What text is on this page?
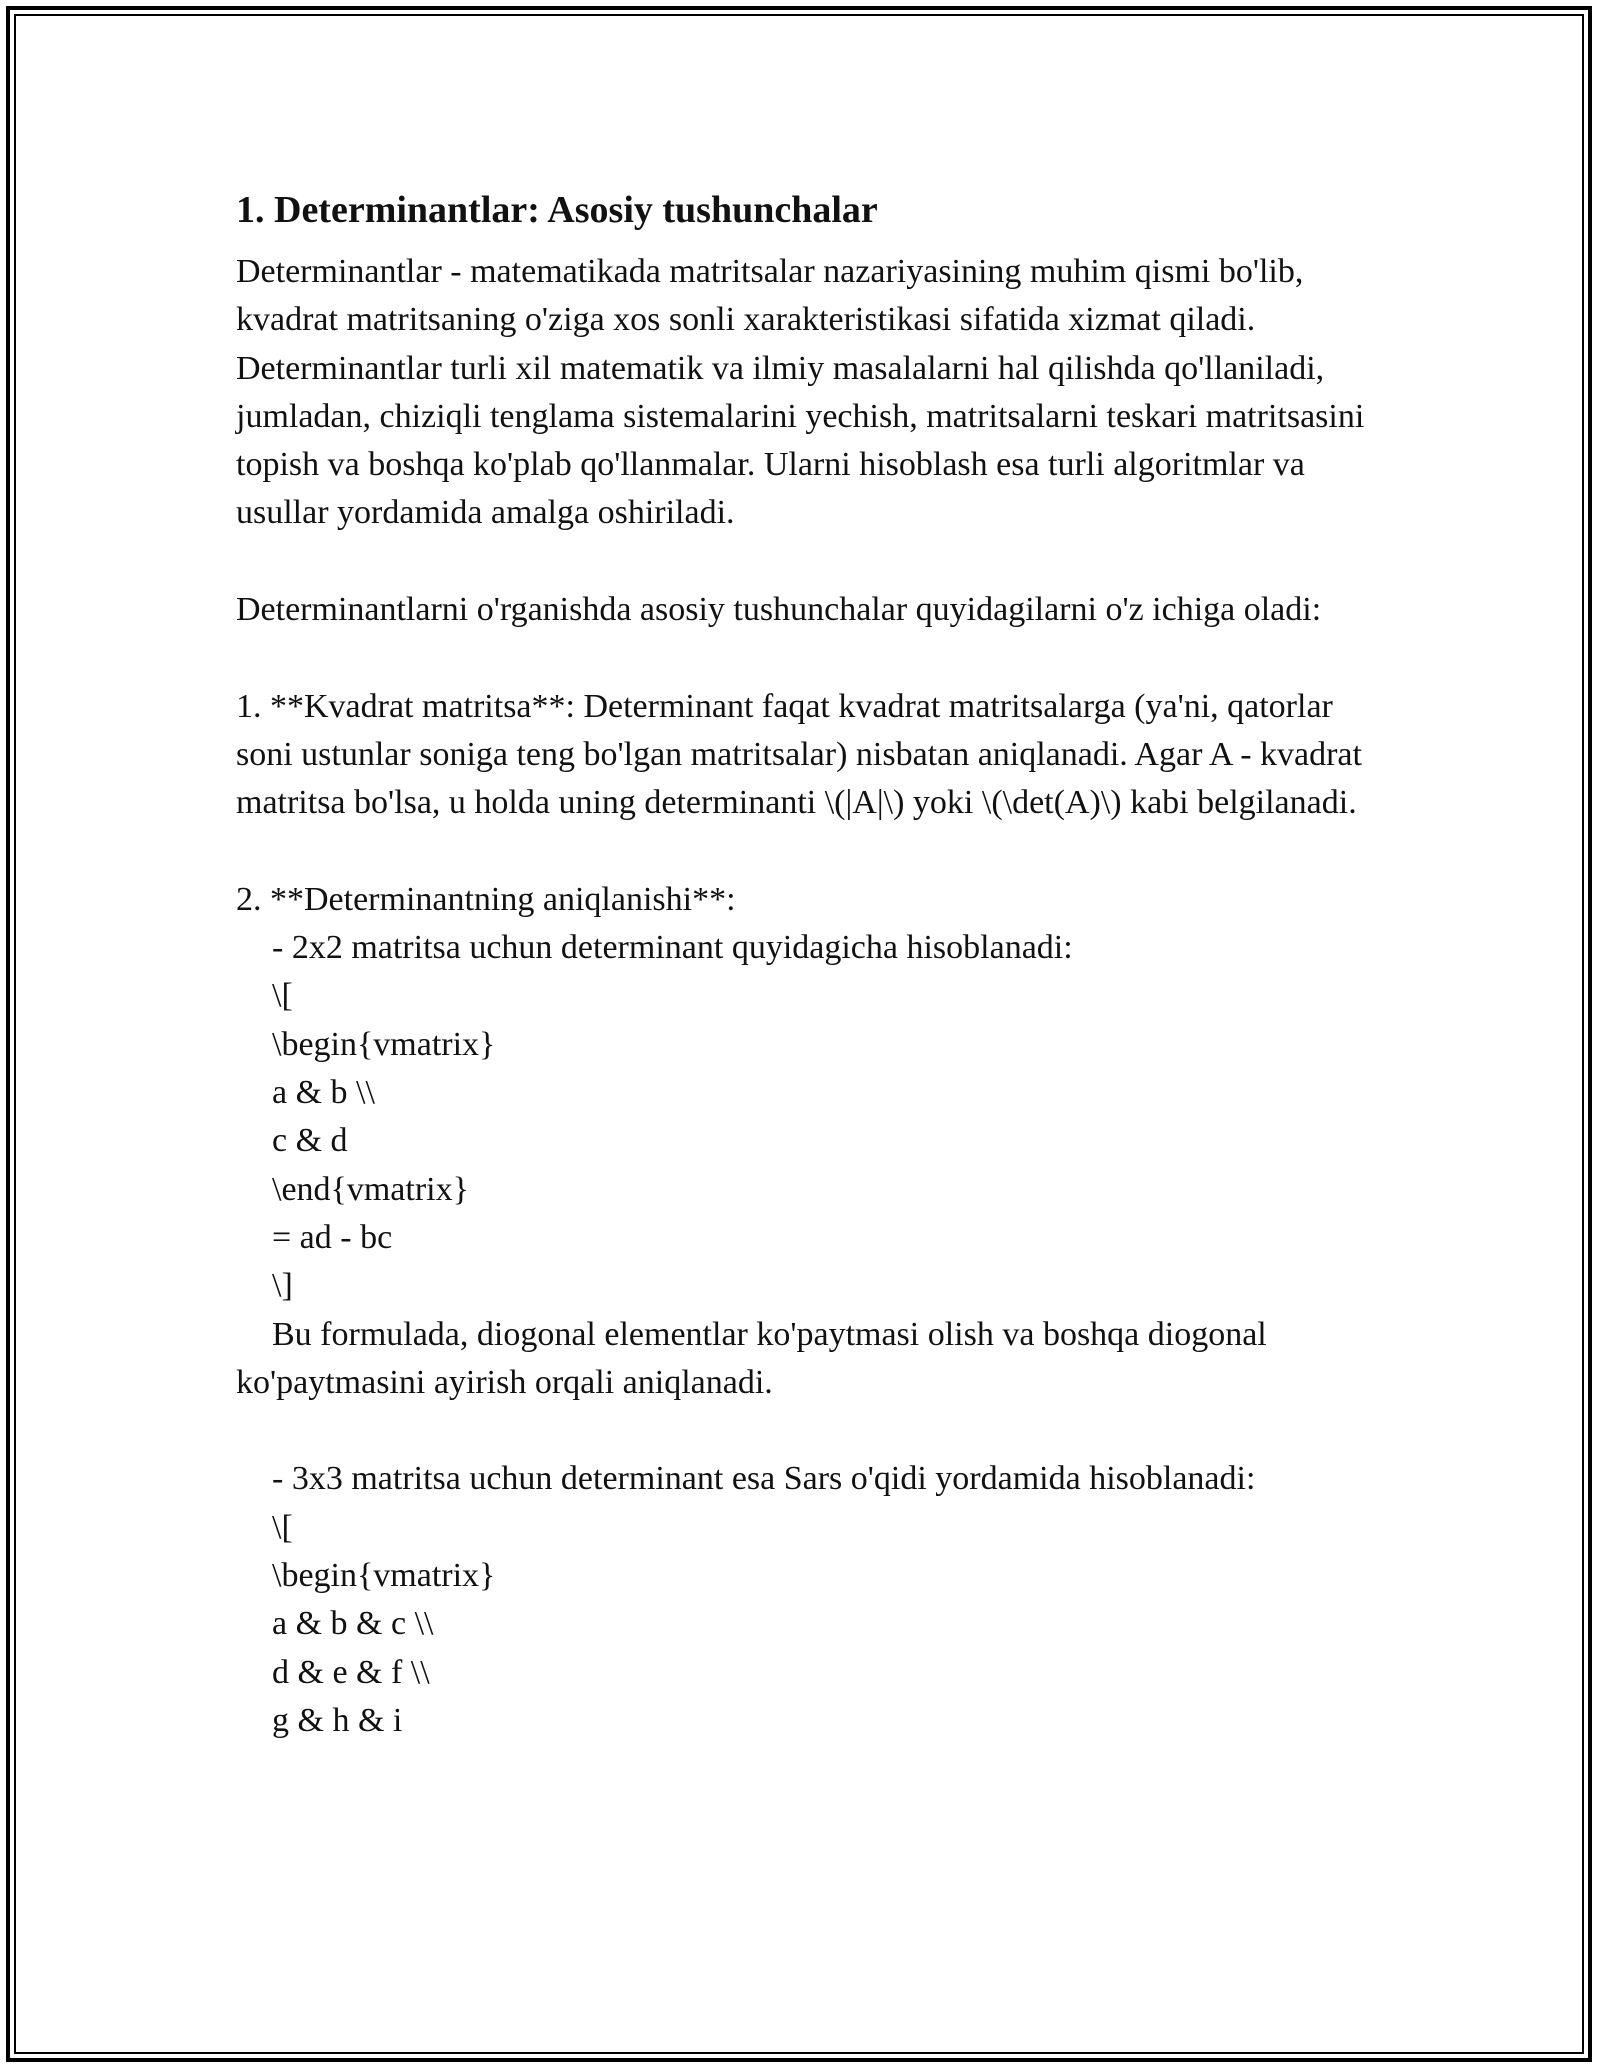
1. Determinantlar: Asosiy tushunchalar

Determinantlar - matematikada matritsalar nazariyasining muhim qismi bo'lib, kvadrat matritsaning o'ziga xos sonli xarakteristikasi sifatida xizmat qiladi. Determinantlar turli xil matematik va ilmiy masalalarni hal qilishda qo'llaniladi, jumladan, chiziqli tenglama sistemalarini yechish, matritsalarni teskari matritsasini topish va boshqa ko'plab qo'llanmalar. Ularni hisoblash esa turli algoritmlar va usullar yordamida amalga oshiriladi.

Determinantlarni o'rganishda asosiy tushunchalar quyidagilarni o'z ichiga oladi:

1. **Kvadrat matritsa**: Determinant faqat kvadrat matritsalarga (ya'ni, qatorlar soni ustunlar soniga teng bo'lgan matritsalar) nisbatan aniqlanadi. Agar A - kvadrat matritsa bo'lsa, u holda uning determinanti \(|A|\) yoki \(\det(A)\) kabi belgilanadi.

2. **Determinantning aniqlanishi**:

- 2x2 matritsa uchun determinant quyidagicha hisoblanadi:

\[

\begin{vmatrix}

a & b \\

c & d

\end{vmatrix}

= ad - bc

\]

Bu formulada, diogonal elementlar ko'paytmasi olish va boshqa diogonal ko'paytmasini ayirish orqali aniqlanadi.

- 3x3 matritsa uchun determinant esa Sars o'qidi yordamida hisoblanadi:

\[

\begin{vmatrix}

a & b & c \\

d & e & f \\

g & h & i
